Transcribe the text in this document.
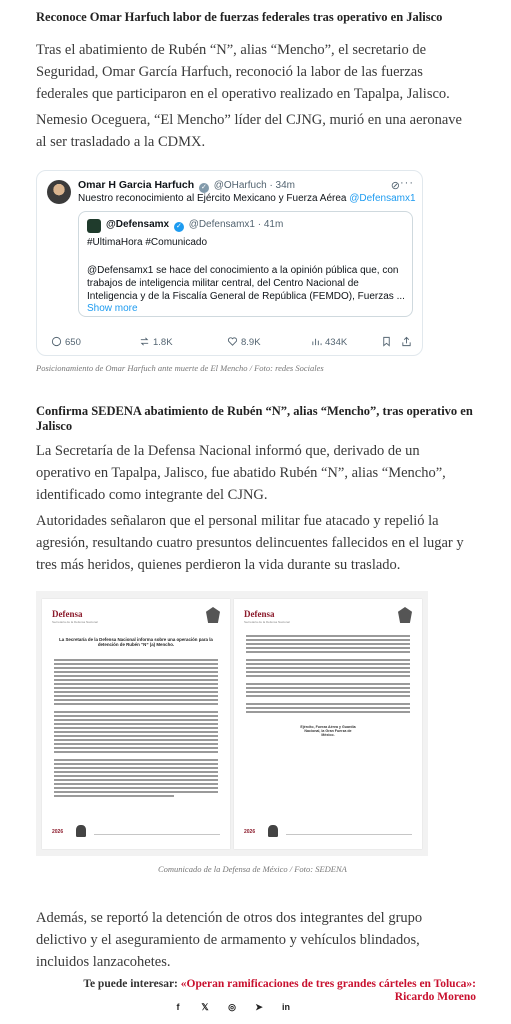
Reconoce Omar Harfuch labor de fuerzas federales tras operativo en Jalisco

Tras el abatimiento de Rubén “N”, alias “Mencho”, el secretario de Seguridad, Omar García Harfuch, reconoció la labor de las fuerzas federales que participaron en el operativo realizado en Tapalpa, Jalisco.

Nemesio Oceguera, “El Mencho” líder del CJNG, murió en una aeronave al ser trasladado a la CDMX.

Posicionamiento de Omar Harfuch ante muerte de El Mencho / Foto: redes Sociales

Confirma SEDENA abatimiento de Rubén “N”, alias “Mencho”, tras operativo en Jalisco

La Secretaría de la Defensa Nacional informó que, derivado de un operativo en Tapalpa, Jalisco, fue abatido Rubén “N”, alias “Mencho”, identificado como integrante del CJNG.

Autoridades señalaron que el personal militar fue atacado y repelió la agresión, resultando cuatro presuntos delincuentes fallecidos en el lugar y tres más heridos, quienes perdieron la vida durante su traslado.

Comunicado de la Defensa de México / Foto: SEDENA

Además, se reportó la detención de otros dos integrantes del grupo delictivo y el aseguramiento de armamento y vehículos blindados, incluidos lanzacohetes.

Omar H Garcia Harfuch ✓ @OHarfuch · 34m	⊘ ···
Nuestro reconocimiento al Ejército Mexicano y Fuerza Aérea @Defensamx1
@Defensamx ✓ @Defensamx1 · 41m
#UltimaHora #Comunicado
@Defensamx1 se hace del conocimiento a la opinión pública que, con trabajos de inteligencia militar central, del Centro Nacional de Inteligencia y de la Fiscalía General de República (FEMDO), Fuerzas ...
Show more
650	1.8K	8.9K	434K
Defensa
Secretaría de la Defensa Nacional
La Secretaría de la Defensa Nacional informa sobre una operación para la detención de Rubén “N” (a) Mencho.
2026
Defensa
Secretaría de la Defensa Nacional
Ejército, Fuerza Aérea y Guardia Nacional, la Gran Fuerza de México.
2026
Te puede interesar: «Operan ramificaciones de tres grandes cárteles en Toluca»: Ricardo Moreno
f	𝕏	◎	➤	in
